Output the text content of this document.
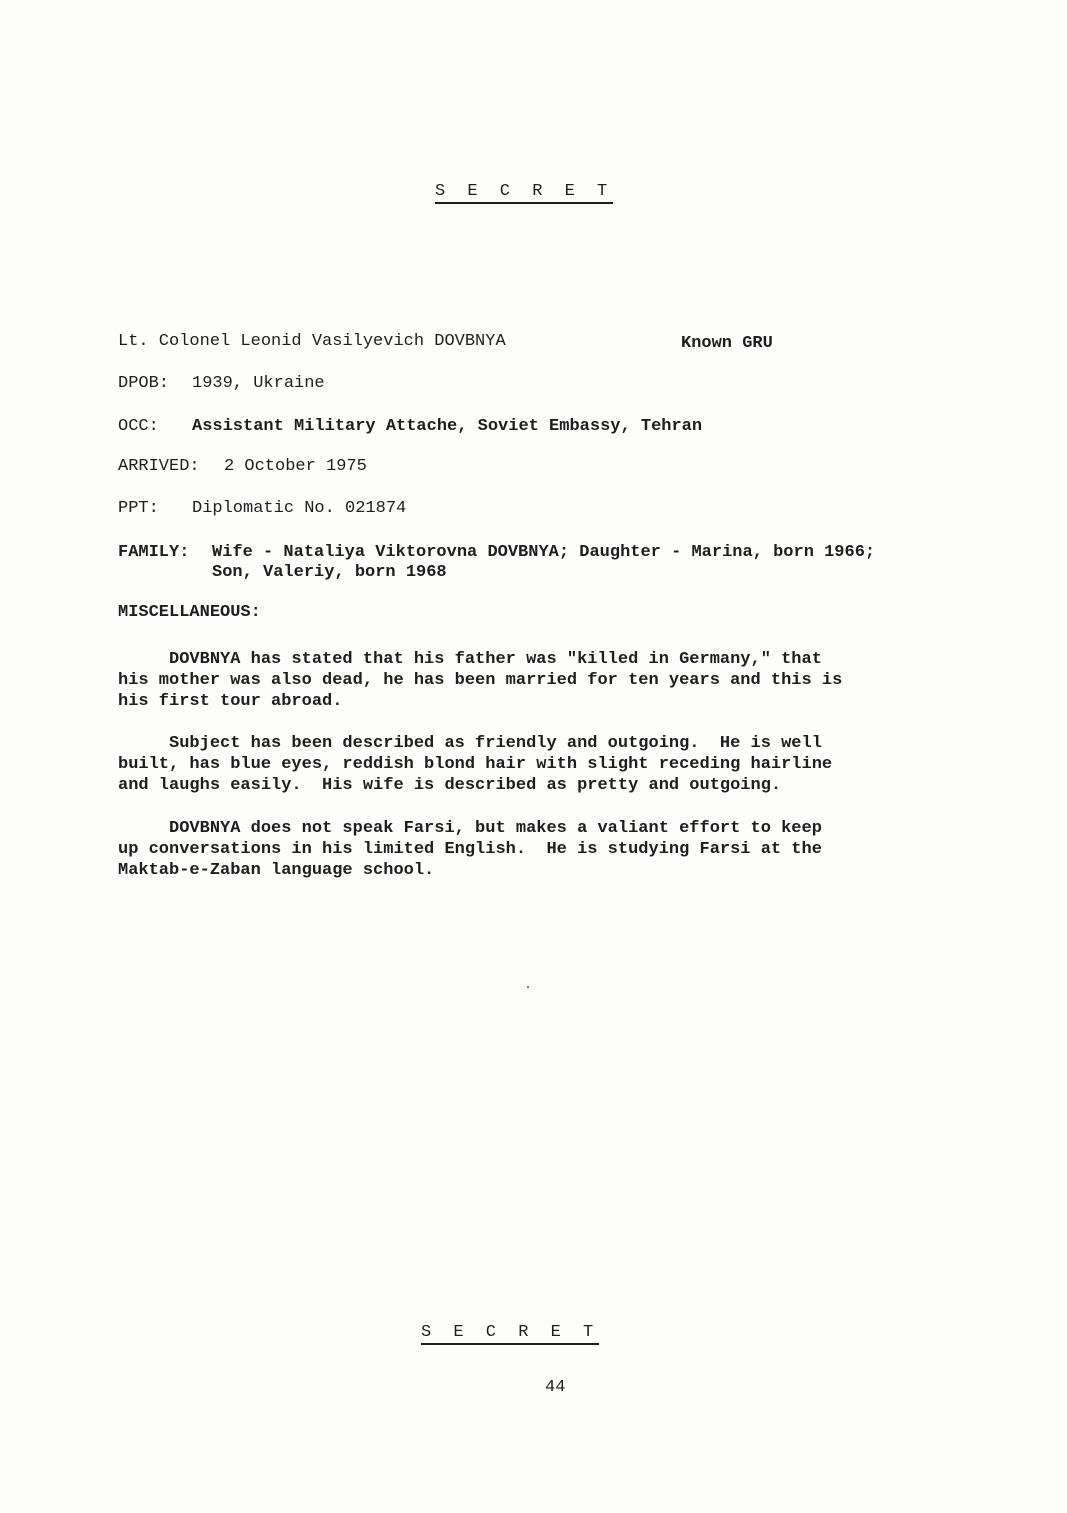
S E C R E T
Lt. Colonel Leonid Vasilyevich DOVBNYA	Known GRU
DPOB: 1939, Ukraine
OCC: Assistant Military Attache, Soviet Embassy, Tehran
ARRIVED: 2 October 1975
PPT: Diplomatic No. 021874
FAMILY: Wife - Nataliya Viktorovna DOVBNYA; Daughter - Marina, born 1966;
Son, Valeriy, born 1968
MISCELLANEOUS:
DOVBNYA has stated that his father was "killed in Germany," that
his mother was also dead, he has been married for ten years and this is
his first tour abroad.
Subject has been described as friendly and outgoing.  He is well
built, has blue eyes, reddish blond hair with slight receding hairline
and laughs easily.  His wife is described as pretty and outgoing.
DOVBNYA does not speak Farsi, but makes a valiant effort to keep
up conversations in his limited English.  He is studying Farsi at the
Maktab-e-Zaban language school.
S E C R E T
44
